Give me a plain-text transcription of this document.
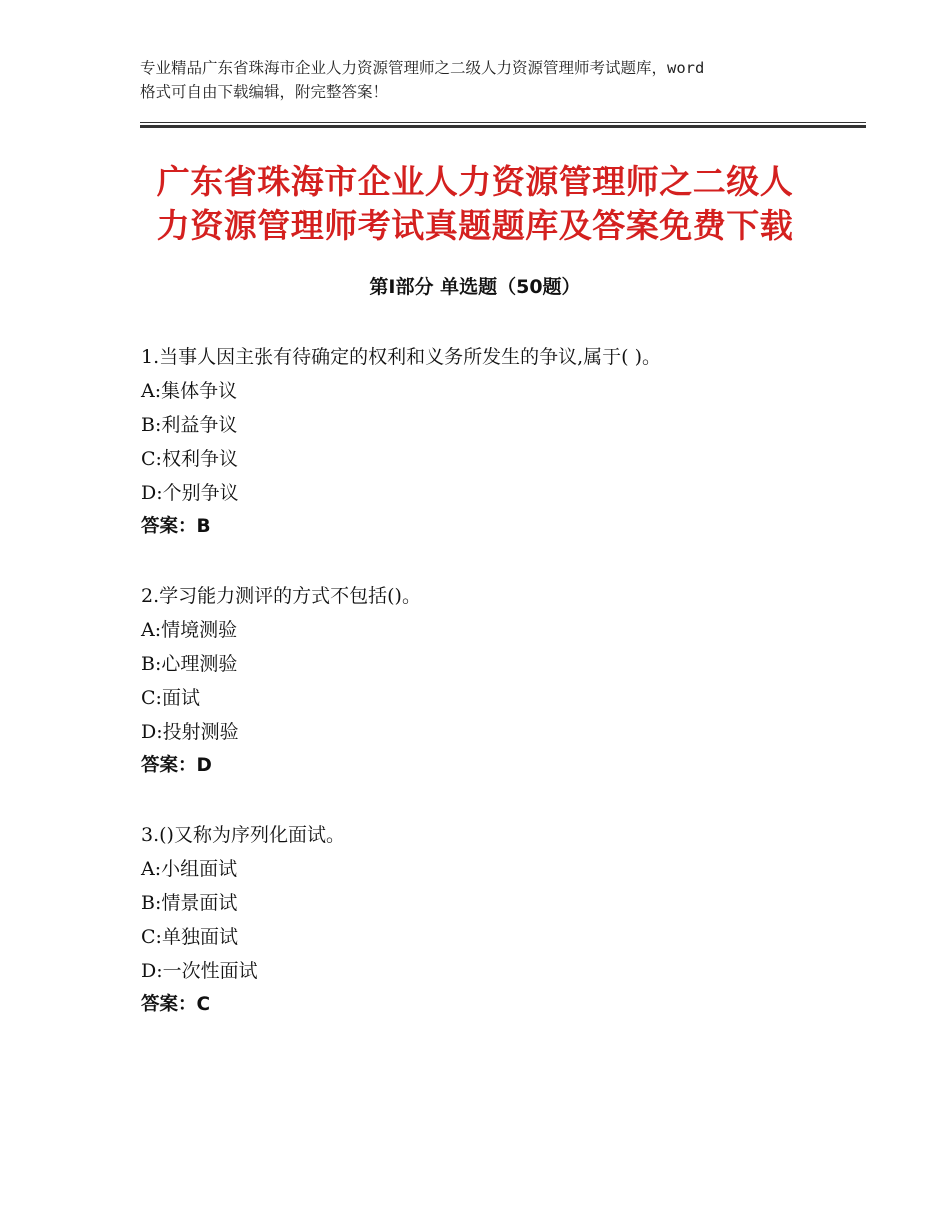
专业精品广东省珠海市企业人力资源管理师之二级人力资源管理师考试题库，word
格式可自由下载编辑，附完整答案！
广东省珠海市企业人力资源管理师之二级人
力资源管理师考试真题题库及答案免费下载
第Ⅰ部分 单选题（50题）
1.当事人因主张有待确定的权利和义务所发生的争议,属于( )。
A:集体争议
B:利益争议
C:权利争议
D:个别争议
答案：B
2.学习能力测评的方式不包括()。
A:情境测验
B:心理测验
C:面试
D:投射测验
答案：D
3.()又称为序列化面试。
A:小组面试
B:情景面试
C:单独面试
D:一次性面试
答案：C
